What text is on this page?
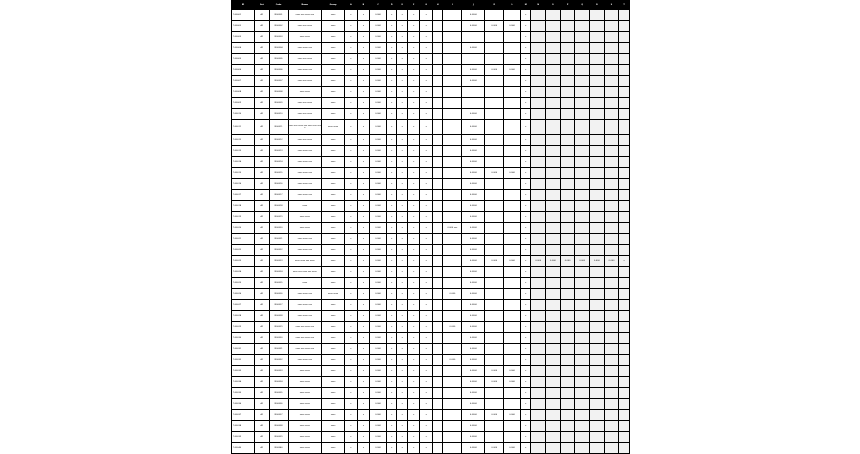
ID	Set	Code	Name	Group	A	B	C	D	E	F	G	H	I	J	K	L	M	N	O	P	Q	R	S	T
T-00001	A1	N00001	xxxx xxx xxxx xxx	xxxx	x	x	0.000	x	x	x	x			0.0000			x							
T-00002	A1	N00002	xxxx xxx xxxx	xxxx	x	x	0.000	x	x	x	x			0.0000	0.000	0.000	x							
T-00003	A1	N00003	xxxx xxxx	xxxx	x	x	0.000	x	x	x	x						x							
T-00004	A1	N00004	xxxx xxxx xxx	xxxx	x	x	0.000	x	x	x	x			0.0000			x							
T-00005	A1	N00005	xxxx xxx xxxx	xxxx	x	x	0.000	x	x	x	x						x							
T-00006	A1	N00006	xxxx xxxx xxx	xxxx	x	x	0.000	x	x	x	x			0.0000	0.000	0.000	x							
T-00007	A1	N00007	xxxx xxx xxxx	xxxx	x	x	0.000	x	x	x	x			0.0000			x							
T-00008	A1	N00008	xxxx xxxx	xxxx	x	x	0.000	x	x	x	x						x							
T-00009	A1	N00009	xxxx xxx xxxx	xxxx	x	x	0.000	x	x	x	x						x							
T-00010	A1	N00010	xxxx xxx xxxx	xxxx	x	x	0.000	x	x	x	x			0.0000			x							
T-00011	A1	N00011	xxxx xxx xxxx xxx xxxx xxx xxxx	xxxx xxxx	x	x	0.000	x	x	x	x			0.0000			x							
T-00012	A1	N00012	xxxx xxx xxxx	xxxx	x	x	0.000	x	x	x	x			0.0000			x							
T-00013	A1	N00013	xxxx xxxx xxx	xxxx	x	x	0.000	x	x	x	x			0.0000			x							
T-00014	A1	N00014	xxxx xxxx xxx	xxxx	x	x	0.000	x	x	x	x			0.0000			x							
T-00015	A1	N00015	xxxx xxxx xxx	xxxx	x	x	0.000	x	x	x	x			0.0000	0.000	0.000	x							
T-00016	A1	N00016	xxxx xxxx xxx	xxxx	x	x	0.000	x	x	x	x			0.0000			x							
T-00017	A1	N00017	xxxx xxxx xxx	xxxx	x	x	0.000	x	x	x	x			0.0000			x							
T-00018	A1	N00018	xxxx	xxxx	x	x	0.000	x	x	x	x			0.0000			x							
T-00019	A1	N00019	xxxx xxxx	xxxx	x	x	0.000	x	x	x	x			0.0000			x							
T-00020	A1	N00020	xxxx xxxx	xxxx	x	x	0.000	x	x	x	x		0.000 xxx	0.0000			x							
T-00021	A1	N00021	xxxx xxxx xxx	xxxx	x	x	0.000	x	x	x	x			0.0000			x							
T-00022	A1	N00022	xxxx xxxx xxx	xxxx	x	x	0.000	x	x	x	x			0.0000			x							
T-00023	A1	N00023	xxxx xxxx xxx xxxx	xxxx	x	x	0.000	x	x	x	x			0.0000	0.000	0.000	x	0.000	0.000	0.000	0.000	0.000	0.000	x
T-00024	A1	N00024	xxxx xxx xxxx xxx xxxx	xxxx	x	x	0.000	x	x	x	x			0.0000			x							
T-00025	A1	N00025	xxxx	xxxx	x	x	0.000	x	x	x	x			0.0000			x							
T-00026	A1	N00026	xxxx xxxx xxx	xxxx xxxx	x	x	0.000	x	x	x	x		0.000	0.0000			x							
T-00027	A1	N00027	xxxx xxxx xxx	xxxx	x	x	0.000	x	x	x	x			0.0000			x							
T-00028	A1	N00028	xxxx xxxx xxx	xxxx	x	x	0.000	x	x	x	x			0.0000			x							
T-00029	A1	N00029	xxxx xxx xxxx xxx	xxxx	x	x	0.000	x	x	x	x		0.000	0.0000			x							
T-00030	A1	N00030	xxxx xxx xxxx xxx	xxxx	x	x	0.000	x	x	x	x			0.0000			x							
T-00031	A1	N00031	xxxx xxx xxxx xxx	xxxx	x	x	0.000	x	x	x	x			0.0000			x							
T-00032	A1	N00032	xxxx xxxx xxx	xxxx	x	x	0.000	x	x	x	x		0.000	0.0000			x							
T-00033	A1	N00033	xxxx xxxx	xxxx	x	x	0.000	x	x	x	x			0.0000	0.000	0.000	x							
T-00034	A1	N00034	xxxx xxxx	xxxx	x	x	0.000	x	x	x	x			0.0000	0.000	0.000	x							
T-00035	A1	N00035	xxxx xxxx	xxxx	x	x	0.000	x	x	x	x			0.0000			x							
T-00036	A1	N00036	xxxx xxxx	xxxx	x	x	0.000	x	x	x	x			0.0000			x							
T-00037	A1	N00037	xxxx xxxx	xxxx	x	x	0.000	x	x	x	x			0.0000	0.000	0.000	x							
T-00038	A1	N00038	xxxx xxxx	xxxx	x	x	0.000	x	x	x	x			0.0000			x							
T-00039	A1	N00039	xxxx xxxx	xxxx	x	x	0.000	x	x	x	x			0.0000			x							
T-00040	A1	N00040	xxxx xxxx	xxxx	x	x	0.000	x	x	x	x			0.0000	0.000	0.000	x							
